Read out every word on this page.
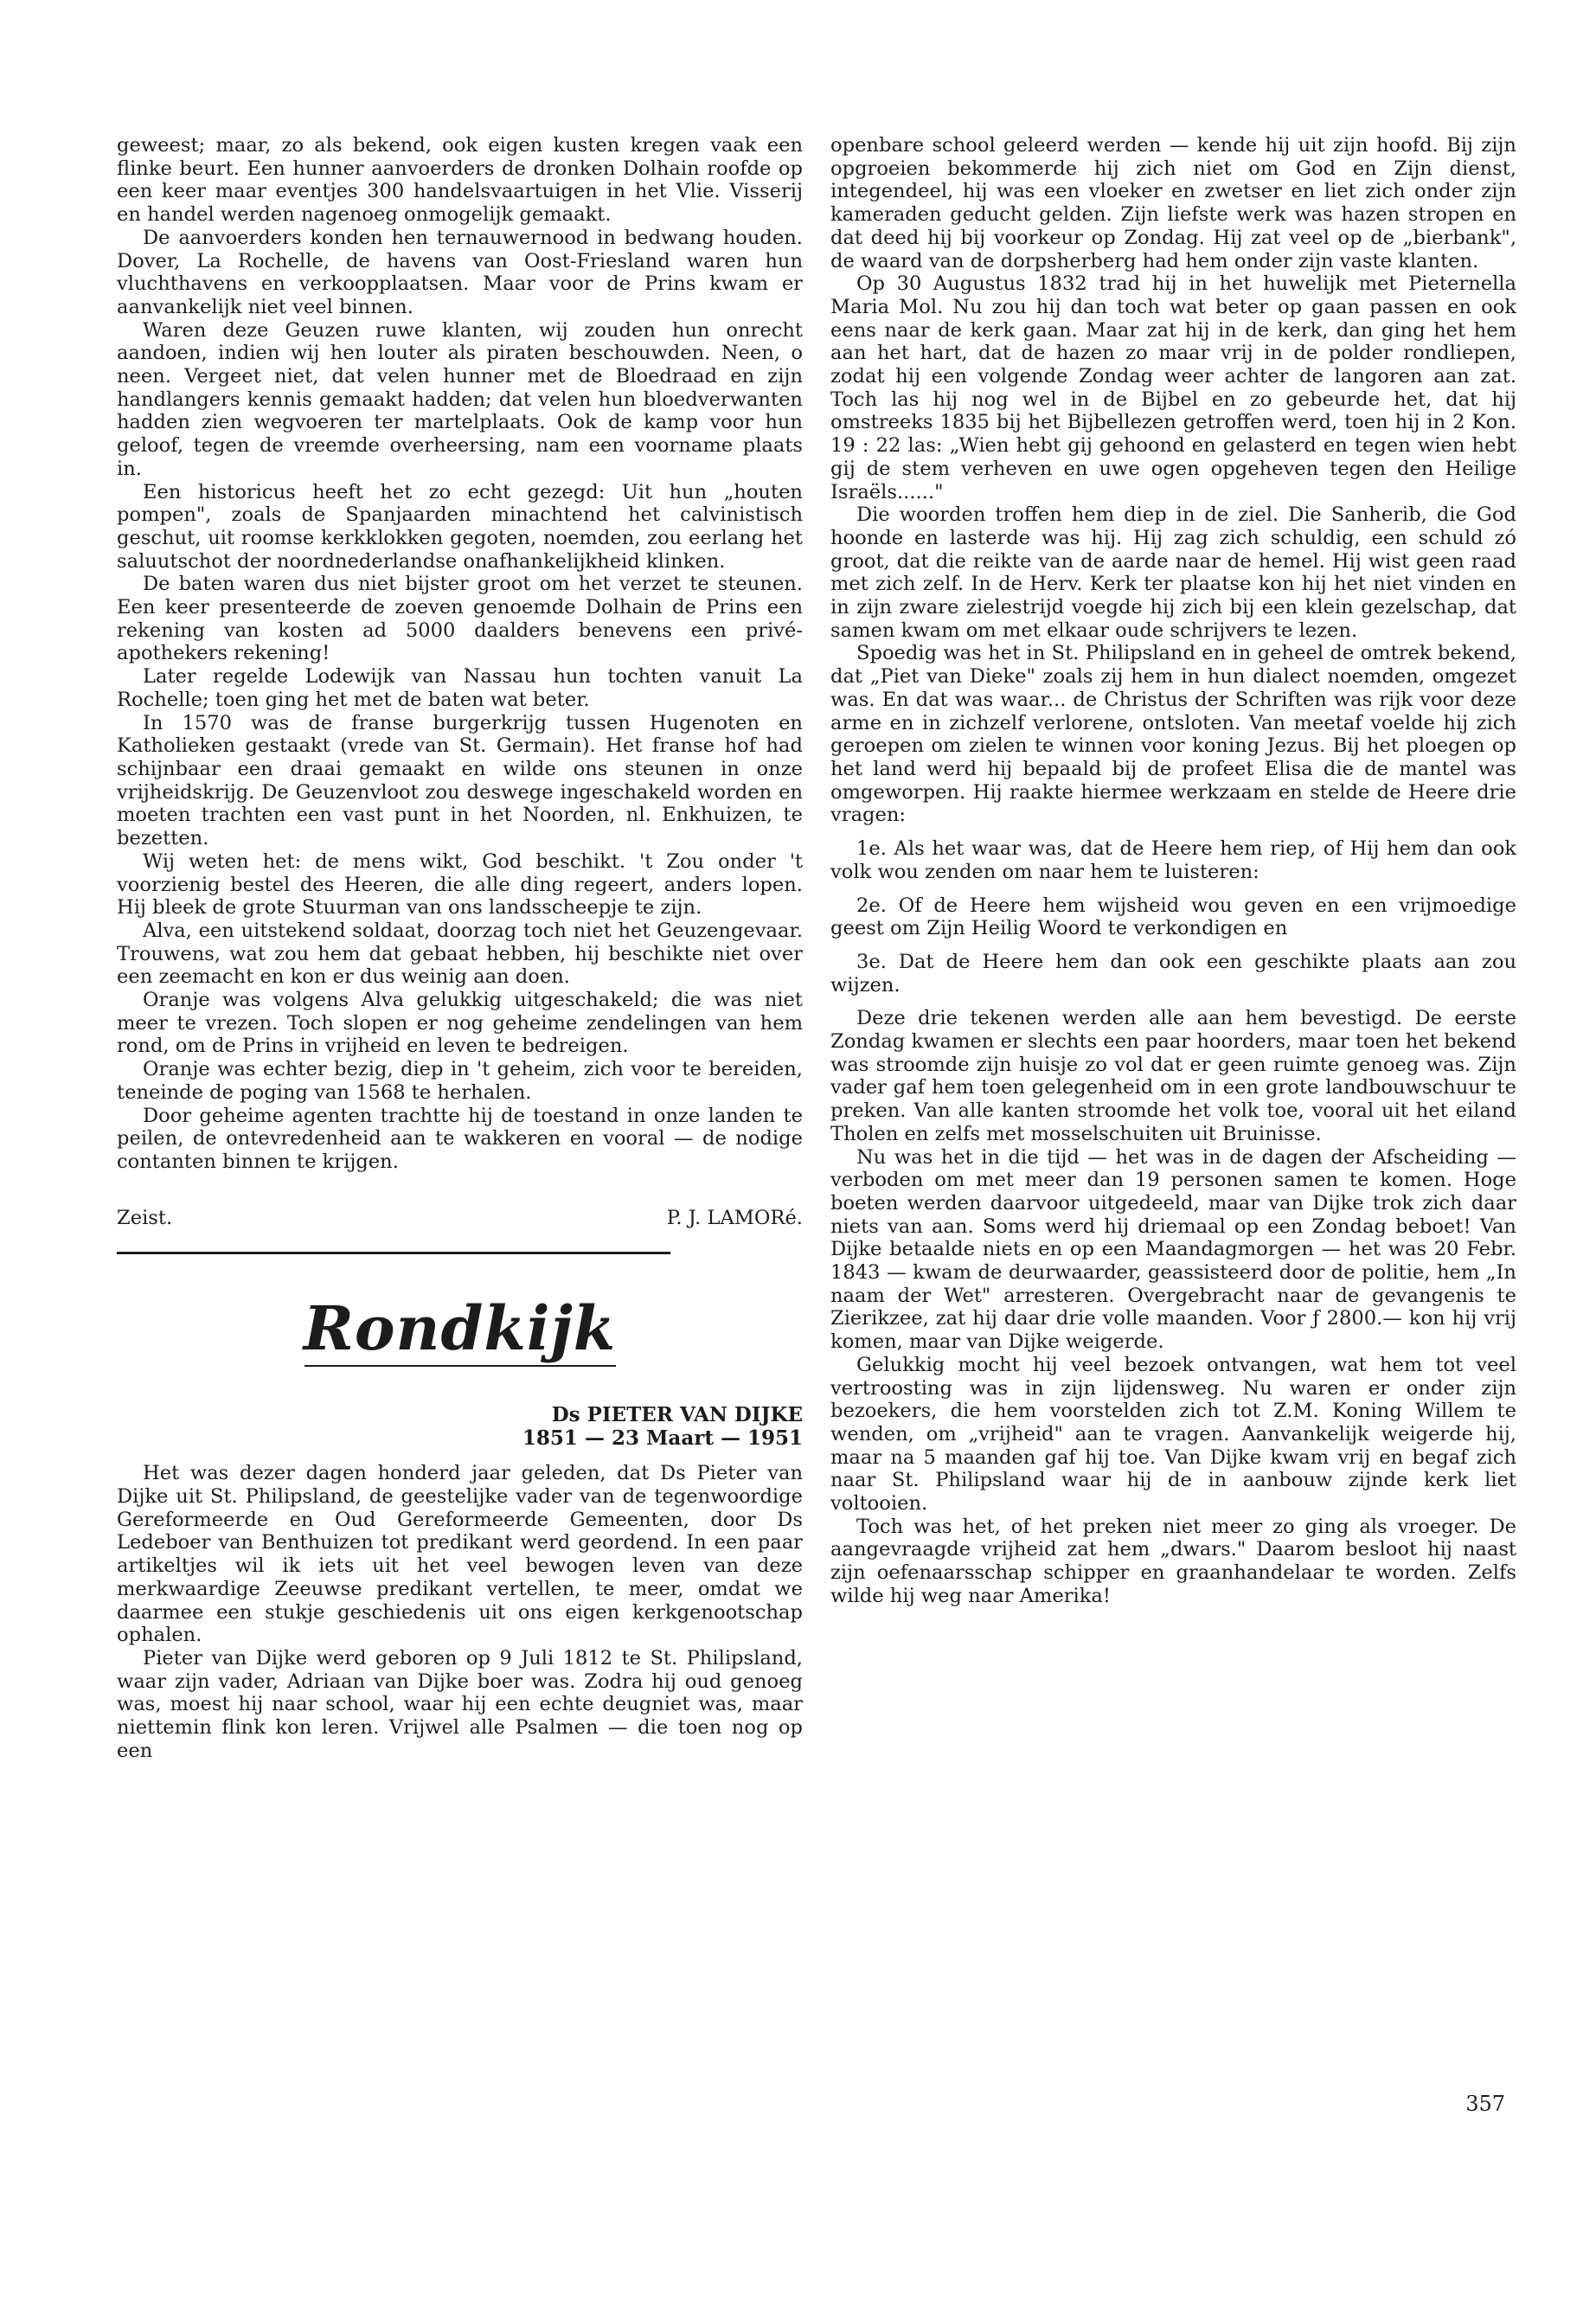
geweest; maar, zo als bekend, ook eigen kusten kregen vaak een flinke beurt. Een hunner aanvoerders de dronken Dolhain roofde op een keer maar eventjes 300 handelsvaartuigen in het Vlie. Visserij en handel werden nagenoeg onmogelijk gemaakt.

De aanvoerders konden hen ternauwernood in bedwang houden. Dover, La Rochelle, de havens van Oost-Friesland waren hun vluchthavens en verkoopplaatsen. Maar voor de Prins kwam er aanvankelijk niet veel binnen.

Waren deze Geuzen ruwe klanten, wij zouden hun onrecht aandoen, indien wij hen louter als piraten beschouwden. Neen, o neen. Vergeet niet, dat velen hunner met de Bloedraad en zijn handlangers kennis gemaakt hadden; dat velen hun bloedverwanten hadden zien wegvoeren ter martelplaats. Ook de kamp voor hun geloof, tegen de vreemde overheersing, nam een voorname plaats in.

Een historicus heeft het zo echt gezegd: Uit hun „houten pompen", zoals de Spanjaarden minachtend het calvinistisch geschut, uit roomse kerkklokken gegoten, noemden, zou eerlang het saluutschot der noordnederlandse onafhankelijkheid klinken.

De baten waren dus niet bijster groot om het verzet te steunen. Een keer presenteerde de zoeven genoemde Dolhain de Prins een rekening van kosten ad 5000 daalders benevens een privé-apothekers rekening!

Later regelde Lodewijk van Nassau hun tochten vanuit La Rochelle; toen ging het met de baten wat beter.

In 1570 was de franse burgerkrijg tussen Hugenoten en Katholieken gestaakt (vrede van St. Germain). Het franse hof had schijnbaar een draai gemaakt en wilde ons steunen in onze vrijheidskrijg. De Geuzenvloot zou deswege ingeschakeld worden en moeten trachten een vast punt in het Noorden, nl. Enkhuizen, te bezetten.

Wij weten het: de mens wikt, God beschikt. 't Zou onder 't voorzienig bestel des Heeren, die alle ding regeert, anders lopen. Hij bleek de grote Stuurman van ons landsscheepje te zijn.

Alva, een uitstekend soldaat, doorzag toch niet het Geuzengevaar. Trouwens, wat zou hem dat gebaat hebben, hij beschikte niet over een zeemacht en kon er dus weinig aan doen.

Oranje was volgens Alva gelukkig uitgeschakeld; die was niet meer te vrezen. Toch slopen er nog geheime zendelingen van hem rond, om de Prins in vrijheid en leven te bedreigen.

Oranje was echter bezig, diep in 't geheim, zich voor te bereiden, teneinde de poging van 1568 te herhalen.

Door geheime agenten trachtte hij de toestand in onze landen te peilen, de ontevredenheid aan te wakkeren en vooral — de nodige contanten binnen te krijgen.

Zeist.	P. J. LAMORé.
Rondkijk
Ds PIETER VAN DIJKE
1851 — 23 Maart — 1951

Het was dezer dagen honderd jaar geleden, dat Ds Pieter van Dijke uit St. Philipsland, de geestelijke vader van de tegenwoordige Gereformeerde en Oud Gereformeerde Gemeenten, door Ds Ledeboer van Benthuizen tot predikant werd geordend. In een paar artikeltjes wil ik iets uit het veel bewogen leven van deze merkwaardige Zeeuwse predikant vertellen, te meer, omdat we daarmee een stukje geschiedenis uit ons eigen kerkgenootschap ophalen.

Pieter van Dijke werd geboren op 9 Juli 1812 te St. Philipsland, waar zijn vader, Adriaan van Dijke boer was. Zodra hij oud genoeg was, moest hij naar school, waar hij een echte deugniet was, maar niettemin flink kon leren. Vrijwel alle Psalmen — die toen nog op een

openbare school geleerd werden — kende hij uit zijn hoofd. Bij zijn opgroeien bekommerde hij zich niet om God en Zijn dienst, integendeel, hij was een vloeker en zwetser en liet zich onder zijn kameraden geducht gelden. Zijn liefste werk was hazen stropen en dat deed hij bij voorkeur op Zondag. Hij zat veel op de „bierbank", de waard van de dorpsherberg had hem onder zijn vaste klanten.

Op 30 Augustus 1832 trad hij in het huwelijk met Pieternella Maria Mol. Nu zou hij dan toch wat beter op gaan passen en ook eens naar de kerk gaan. Maar zat hij in de kerk, dan ging het hem aan het hart, dat de hazen zo maar vrij in de polder rondliepen, zodat hij een volgende Zondag weer achter de langoren aan zat. Toch las hij nog wel in de Bijbel en zo gebeurde het, dat hij omstreeks 1835 bij het Bijbellezen getroffen werd, toen hij in 2 Kon. 19 : 22 las: „Wien hebt gij gehoond en gelasterd en tegen wien hebt gij de stem verheven en uwe ogen opgeheven tegen den Heilige Israëls......"

Die woorden troffen hem diep in de ziel. Die Sanherib, die God hoonde en lasterde was hij. Hij zag zich schuldig, een schuld zó groot, dat die reikte van de aarde naar de hemel. Hij wist geen raad met zich zelf. In de Herv. Kerk ter plaatse kon hij het niet vinden en in zijn zware zielestrijd voegde hij zich bij een klein gezelschap, dat samen kwam om met elkaar oude schrijvers te lezen.

Spoedig was het in St. Philipsland en in geheel de omtrek bekend, dat „Piet van Dieke" zoals zij hem in hun dialect noemden, omgezet was. En dat was waar... de Christus der Schriften was rijk voor deze arme en in zichzelf verlorene, ontsloten. Van meetaf voelde hij zich geroepen om zielen te winnen voor koning Jezus. Bij het ploegen op het land werd hij bepaald bij de profeet Elisa die de mantel was omgeworpen. Hij raakte hiermee werkzaam en stelde de Heere drie vragen:

1e. Als het waar was, dat de Heere hem riep, of Hij hem dan ook volk wou zenden om naar hem te luisteren:

2e. Of de Heere hem wijsheid wou geven en een vrijmoedige geest om Zijn Heilig Woord te verkondigen en

3e. Dat de Heere hem dan ook een geschikte plaats aan zou wijzen.

Deze drie tekenen werden alle aan hem bevestigd. De eerste Zondag kwamen er slechts een paar hoorders, maar toen het bekend was stroomde zijn huisje zo vol dat er geen ruimte genoeg was. Zijn vader gaf hem toen gelegenheid om in een grote landbouwschuur te preken. Van alle kanten stroomde het volk toe, vooral uit het eiland Tholen en zelfs met mosselschuiten uit Bruinisse.

Nu was het in die tijd — het was in de dagen der Afscheiding — verboden om met meer dan 19 personen samen te komen. Hoge boeten werden daarvoor uitgedeeld, maar van Dijke trok zich daar niets van aan. Soms werd hij driemaal op een Zondag beboet! Van Dijke betaalde niets en op een Maandagmorgen — het was 20 Febr. 1843 — kwam de deurwaarder, geassisteerd door de politie, hem „In naam der Wet" arresteren. Overgebracht naar de gevangenis te Zierikzee, zat hij daar drie volle maanden. Voor ƒ 2800.— kon hij vrij komen, maar van Dijke weigerde.

Gelukkig mocht hij veel bezoek ontvangen, wat hem tot veel vertroosting was in zijn lijdensweg. Nu waren er onder zijn bezoekers, die hem voorstelden zich tot Z.M. Koning Willem te wenden, om „vrijheid" aan te vragen. Aanvankelijk weigerde hij, maar na 5 maanden gaf hij toe. Van Dijke kwam vrij en begaf zich naar St. Philipsland waar hij de in aanbouw zijnde kerk liet voltooien.

Toch was het, of het preken niet meer zo ging als vroeger. De aangevraagde vrijheid zat hem „dwars." Daarom besloot hij naast zijn oefenaarsschap schipper en graanhandelaar te worden. Zelfs wilde hij weg naar Amerika!

357
